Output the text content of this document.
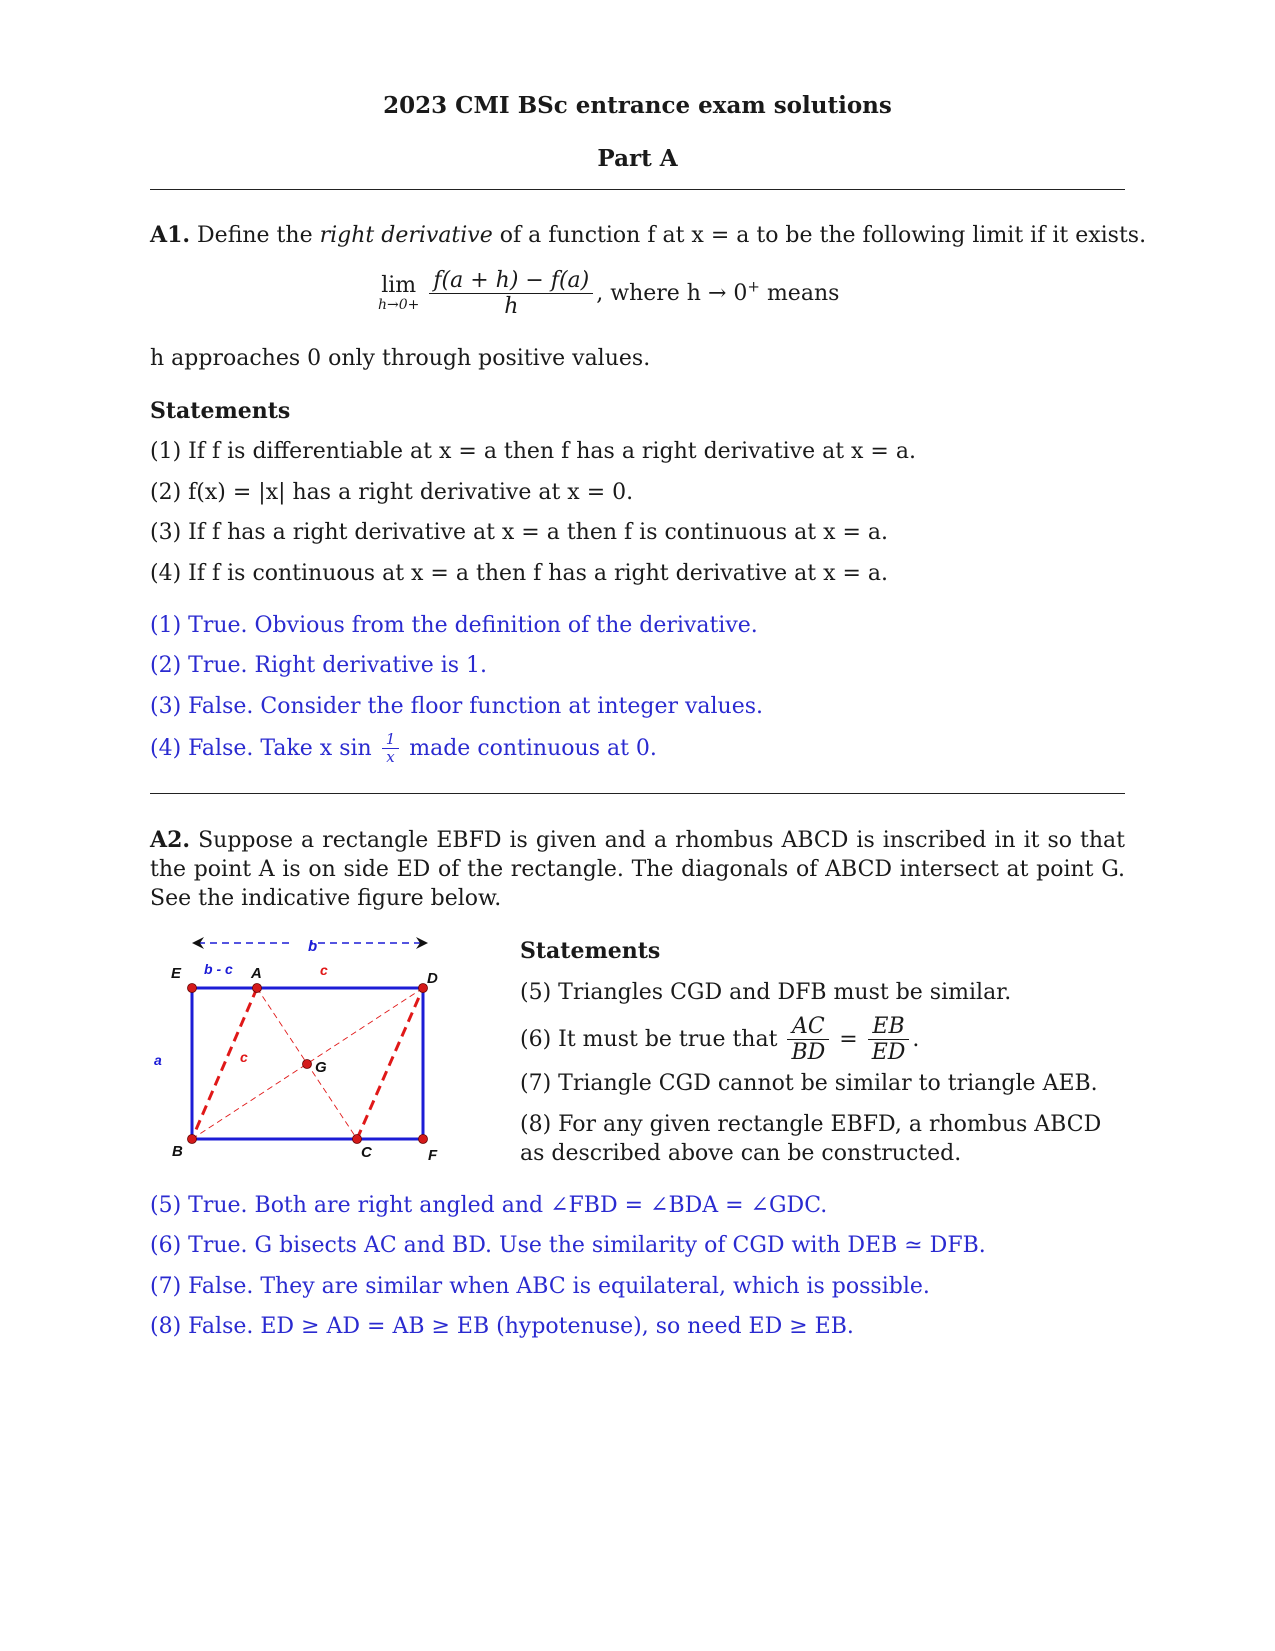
2023 CMI BSc entrance exam solutions
Part A
A1. Define the right derivative of a function f at x = a to be the following limit if it exists.
lim
h→0+
$\frac{f(a + h) - f(a)}{h}$ , where h → 0+ means
h approaches 0 only through positive values.
Statements
(1) If f is differentiable at x = a then f has a right derivative at x = a.
(2) f(x) = |x| has a right derivative at x = 0.
(3) If f has a right derivative at x = a then f is continuous at x = a.
(4) If f is continuous at x = a then f has a right derivative at x = a.
(1) True. Obvious from the definition of the derivative.
(2) True. Right derivative is 1.
(3) False. Consider the floor function at integer values.
(4) False. Take x $\sin \frac{1}{x}$ made continuous at 0.
A2. Suppose a rectangle EBFD is given and a rhombus ABCD is inscribed in it so that the point A is on side ED of the rectangle. The diagonals of ABCD intersect at point G. See the indicative figure below.
b
E	A	D
B	C	F
G
b - c
a
c
c
Statements
(5) Triangles CGD and DFB must be similar.
(6) It must be true that $\frac{AC}{BD} = \frac{EB}{ED}$ .
(7) Triangle CGD cannot be similar to triangle AEB.
(8) For any given rectangle EBFD, a rhombus ABCD
as described above can be constructed.
(5) True. Both are right angled and ∠FBD = ∠BDA = ∠GDC.
(6) True. G bisects AC and BD. Use the similarity of CGD with DEB ≃ DFB.
(7) False. They are similar when ABC is equilateral, which is possible.
(8) False. ED ≥ AD = AB ≥ EB (hypotenuse), so need ED ≥ EB.
